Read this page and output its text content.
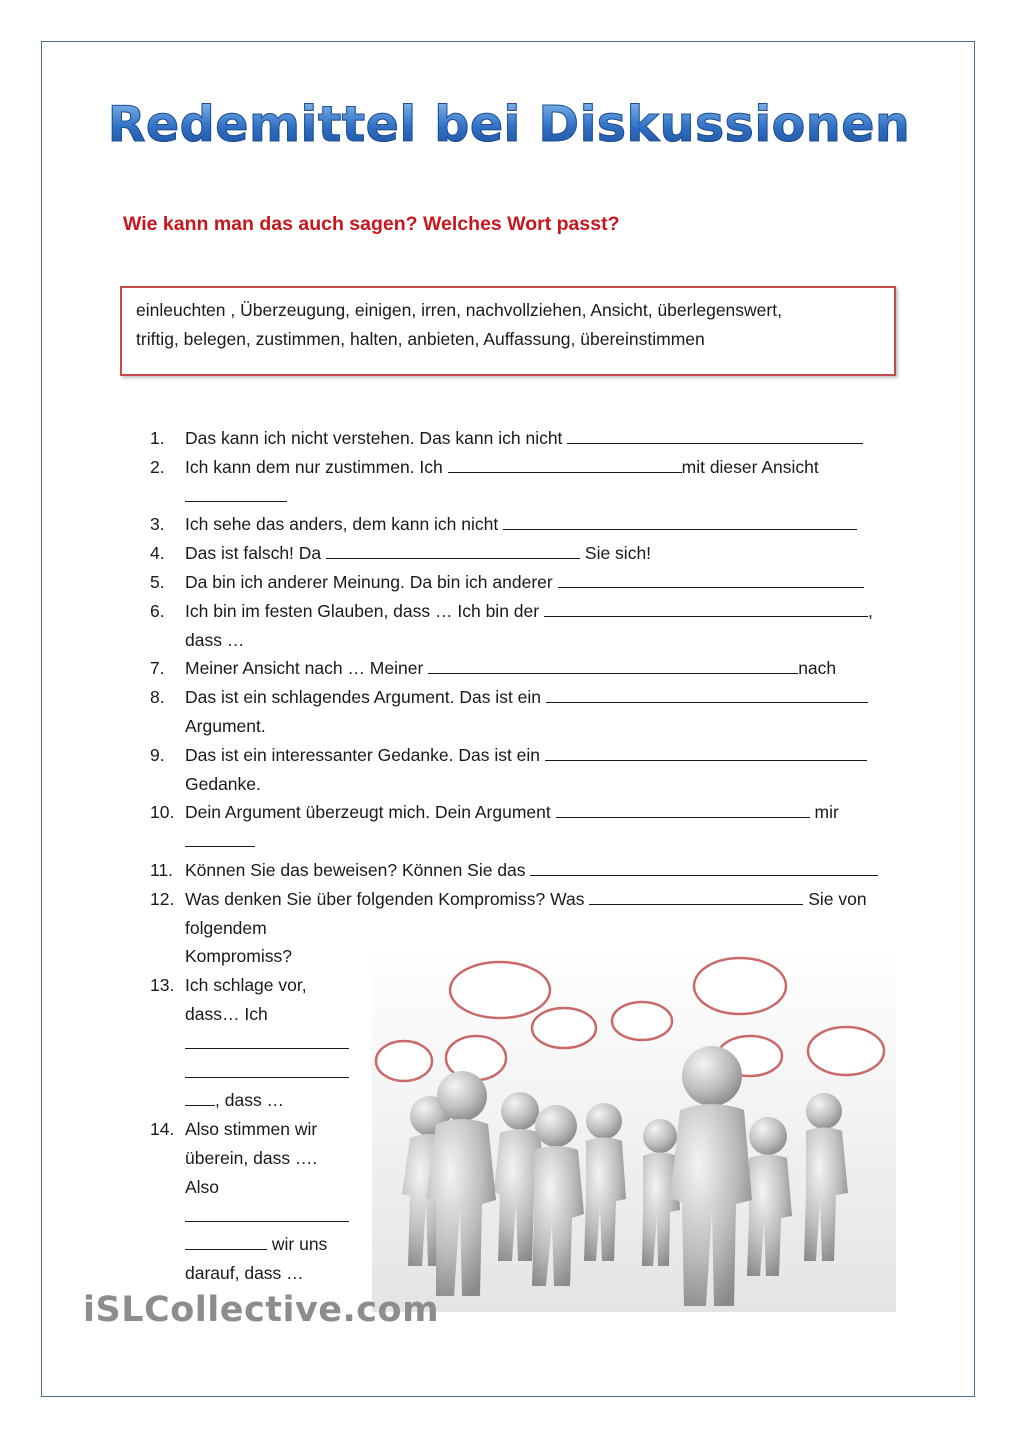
Redemittel bei Diskussionen
Wie kann man das auch sagen? Welches Wort passt?
einleuchten , Überzeugung, einigen, irren, nachvollziehen, Ansicht, überlegenswert,
triftig, belegen, zustimmen, halten, anbieten, Auffassung, übereinstimmen
1.	Das kann ich nicht verstehen. Das kann ich nicht
2.	Ich kann dem nur zustimmen. Ich	mit dieser Ansicht

3.	Ich sehe das anders, dem kann ich nicht
4.	Das ist falsch! Da	Sie sich!
5.	Da bin ich anderer Meinung. Da bin ich anderer
6.	Ich bin im festen Glauben, dass … Ich bin der	,
dass …
7.	Meiner Ansicht nach … Meiner	nach
8.	Das ist ein schlagendes Argument. Das ist ein
Argument.
9.	Das ist ein interessanter Gedanke. Das ist ein
Gedanke.
10. Dein Argument überzeugt mich. Dein Argument	mir

11. Können Sie das beweisen? Können Sie das
12. Was denken Sie über folgenden Kompromiss? Was	Sie von
folgendem
Kompromiss?
13. Ich schlage vor,
dass… Ich

, dass …
14. Also stimmen wir
überein, dass ….
Also

wir uns
darauf, dass …
iSLCollective.com
